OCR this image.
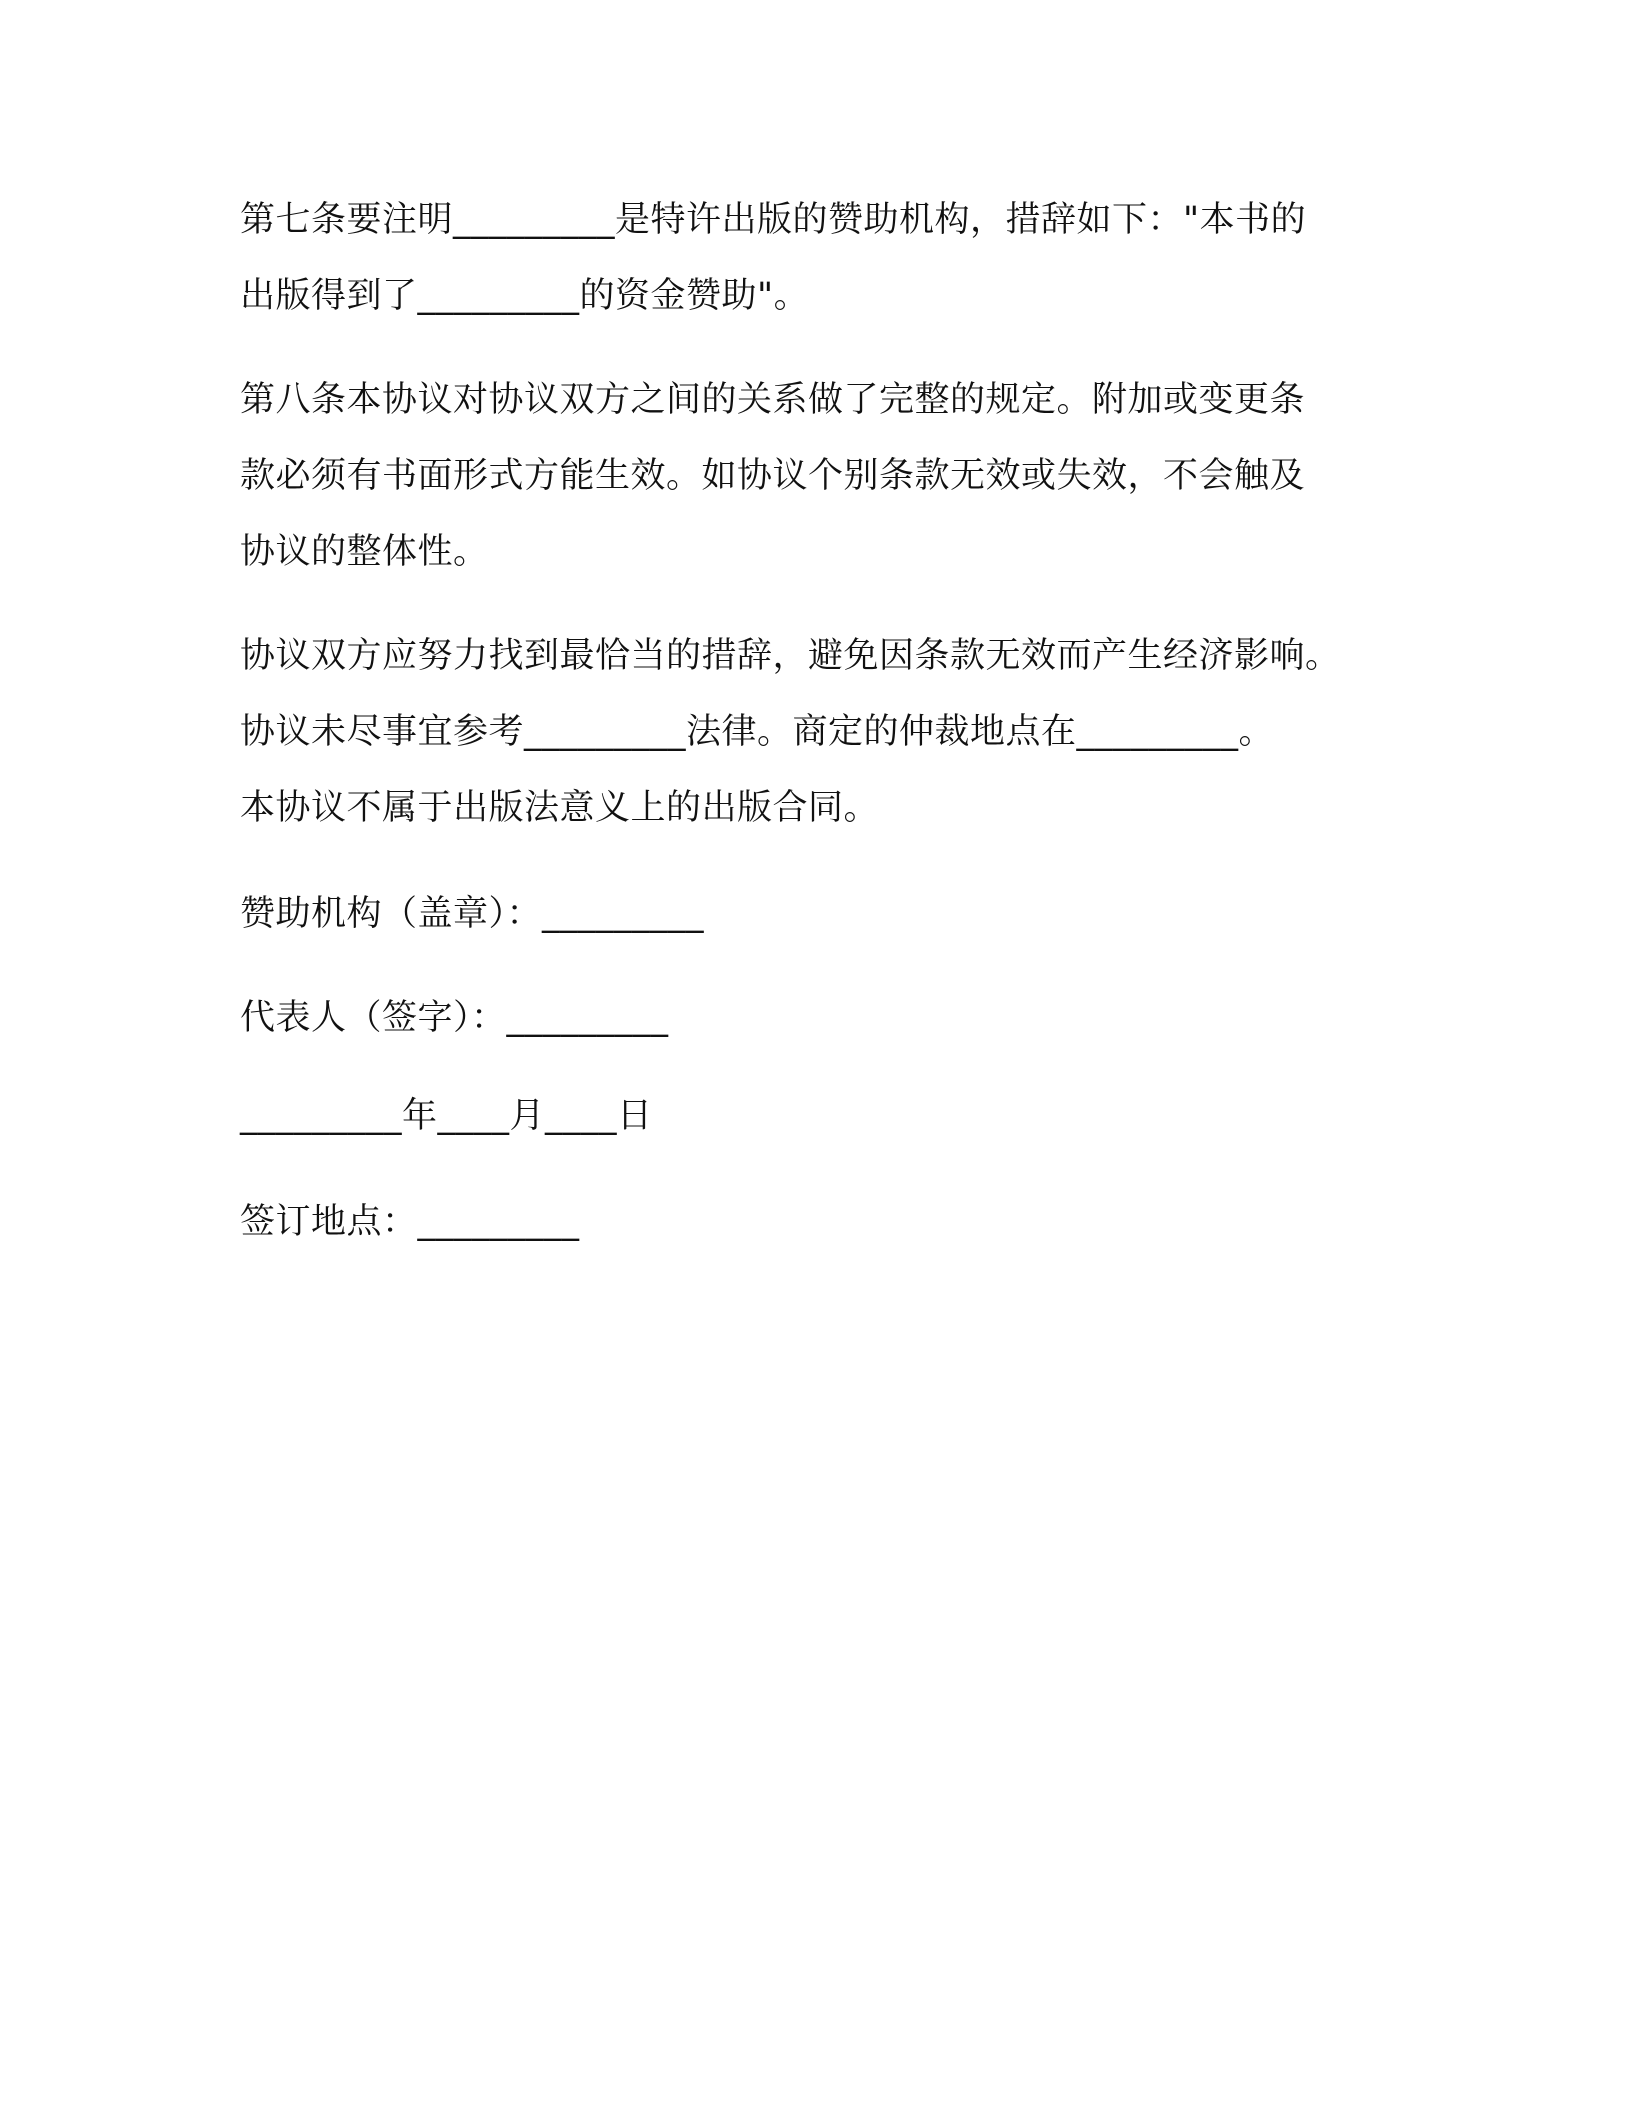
第七条要注明_________是特许出版的赞助机构，措辞如下："本书的
出版得到了_________的资金赞助"。
第八条本协议对协议双方之间的关系做了完整的规定。附加或变更条
款必须有书面形式方能生效。如协议个别条款无效或失效，不会触及
协议的整体性。
协议双方应努力找到最恰当的措辞，避免因条款无效而产生经济影响。
协议未尽事宜参考_________法律。商定的仲裁地点在_________。
本协议不属于出版法意义上的出版合同。
赞助机构（盖章）：_________
代表人（签字）：_________
_________年____月____日
签订地点：_________
